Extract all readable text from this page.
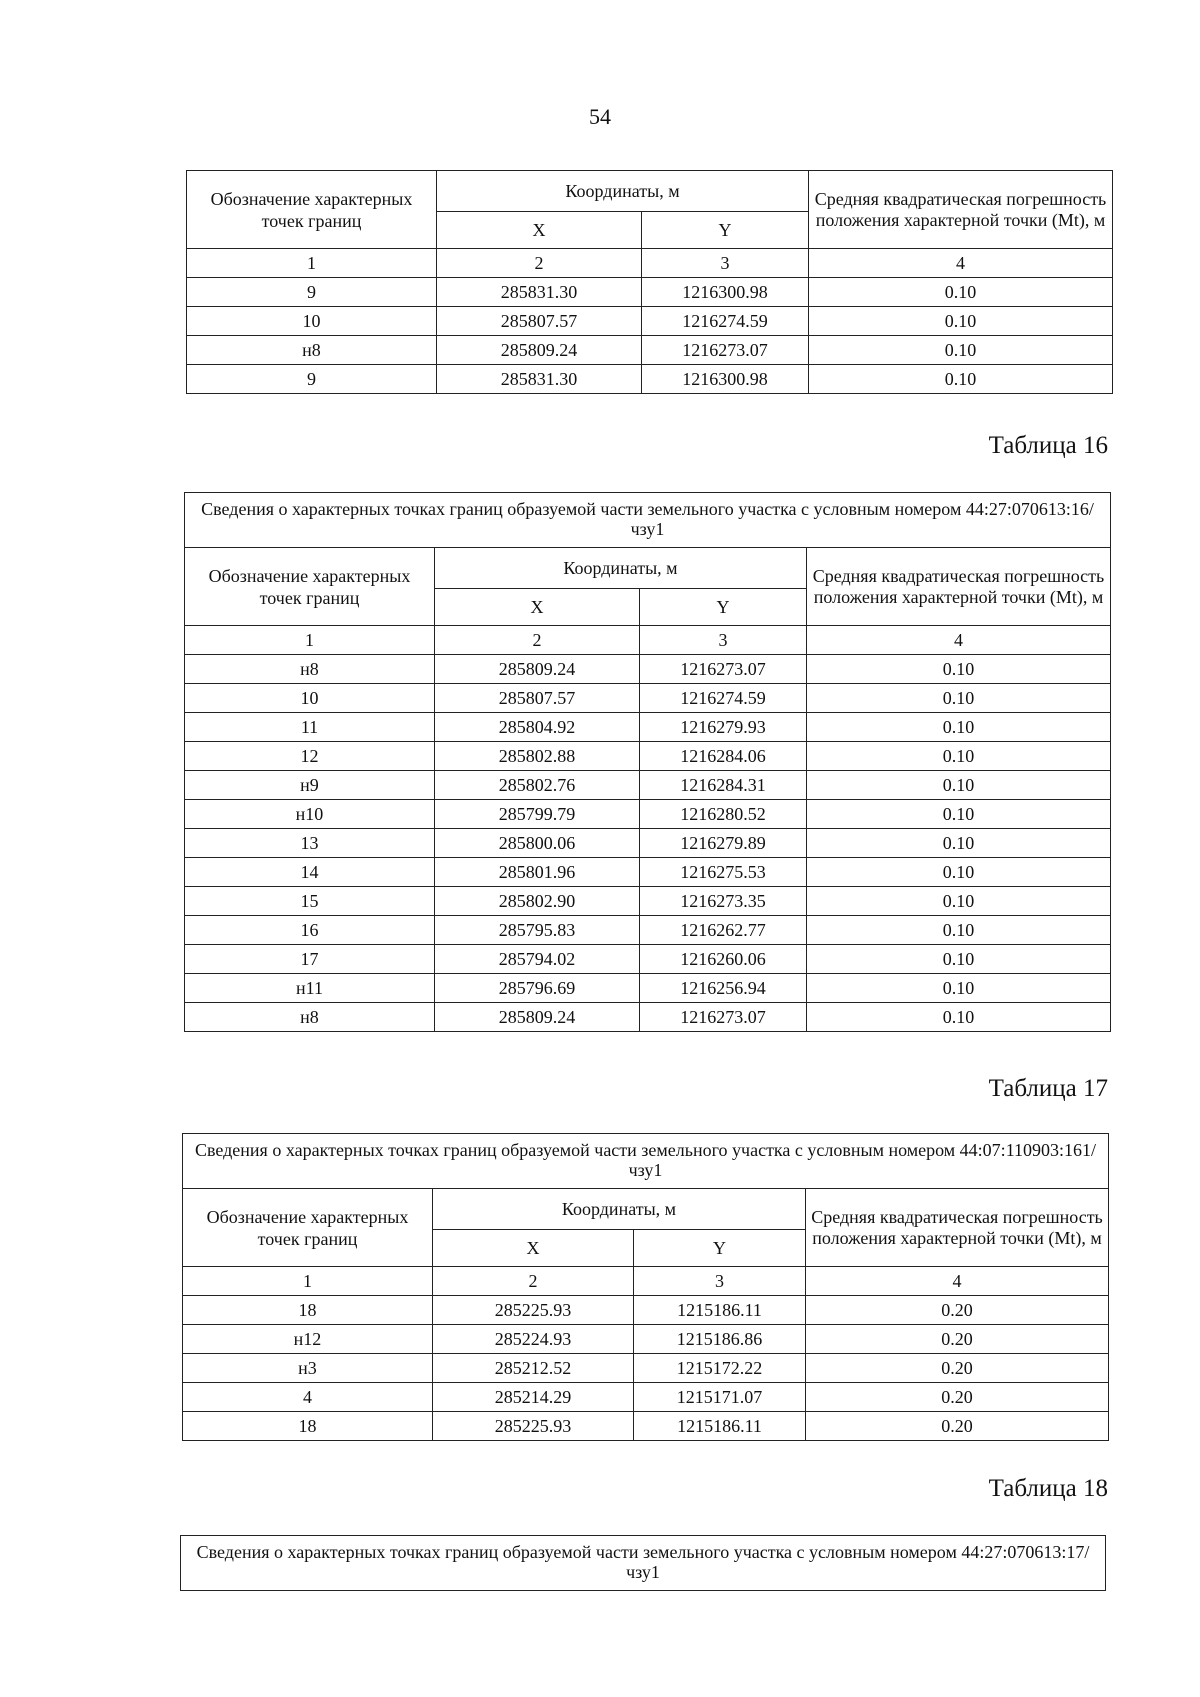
54
Обозначение характерных точек границ	Координаты, м		Средняя квадратическая погрешность положения характерной точки (Mt), м
	X	Y	
1	2	3	4
9	285831.30	1216300.98	0.10
10	285807.57	1216274.59	0.10
н8	285809.24	1216273.07	0.10
9	285831.30	1216300.98	0.10
Таблица 16
Сведения о характерных точках границ образуемой части земельного участка с условным номером 44:27:070613:16/чзу1			
Обозначение характерных точек границ	Координаты, м		Средняя квадратическая погрешность положения характерной точки (Mt), м
	X	Y	
1	2	3	4
н8	285809.24	1216273.07	0.10
10	285807.57	1216274.59	0.10
11	285804.92	1216279.93	0.10
12	285802.88	1216284.06	0.10
н9	285802.76	1216284.31	0.10
н10	285799.79	1216280.52	0.10
13	285800.06	1216279.89	0.10
14	285801.96	1216275.53	0.10
15	285802.90	1216273.35	0.10
16	285795.83	1216262.77	0.10
17	285794.02	1216260.06	0.10
н11	285796.69	1216256.94	0.10
н8	285809.24	1216273.07	0.10
Таблица 17
Сведения о характерных точках границ образуемой части земельного участка с условным номером 44:07:110903:161/чзу1			
Обозначение характерных точек границ	Координаты, м		Средняя квадратическая погрешность положения характерной точки (Mt), м
	X	Y	
1	2	3	4
18	285225.93	1215186.11	0.20
н12	285224.93	1215186.86	0.20
н3	285212.52	1215172.22	0.20
4	285214.29	1215171.07	0.20
18	285225.93	1215186.11	0.20
Таблица 18
Сведения о характерных точках границ образуемой части земельного участка с условным номером 44:27:070613:17/чзу1
